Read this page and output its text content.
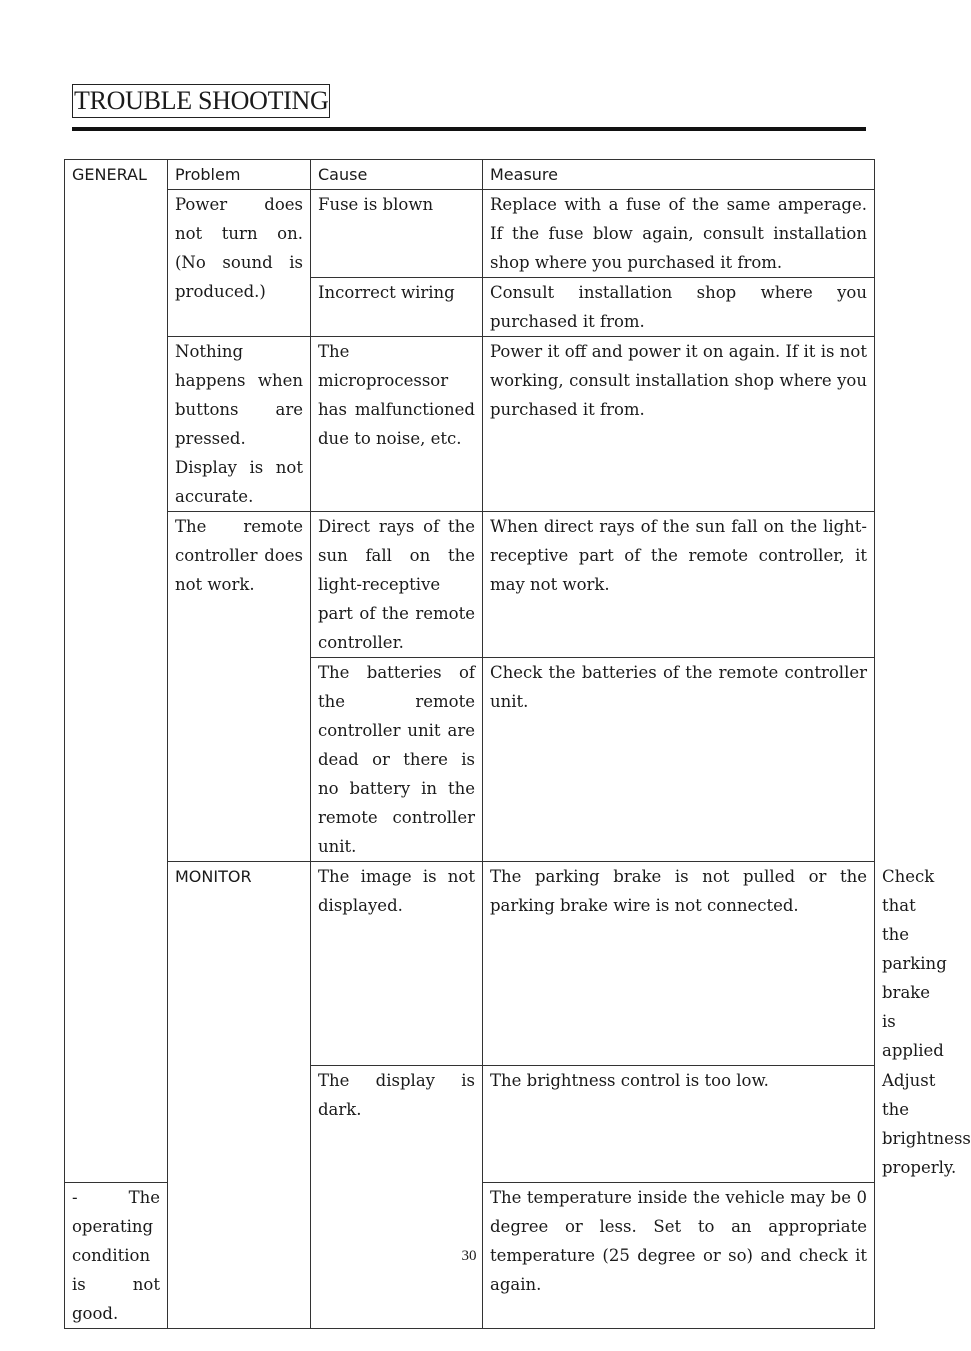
TROUBLE SHOOTING
GENERAL	Problem	Cause	Measure	
	Power does not turn on. (No sound is produced.)	Fuse is blown	Replace with a fuse of the same amperage. If the fuse blow again, consult installation shop where you purchased it from.	
		Incorrect wiring	Consult installation shop where you purchased it from.	
	Nothing happens when buttons are pressed. Display is not accurate.	The microprocessor has malfunctioned due to noise, etc.	Power it off and power it on again. If it is not working, consult installation shop where you purchased it from.	
	The remote controller does not work.	Direct rays of the sun fall on the light-receptive part of the remote controller.	When direct rays of the sun fall on the light-receptive part of the remote controller, it may not work.	
		The batteries of the remote controller unit are dead or there is no battery in the remote controller unit.	Check the batteries of the remote controller unit.	
	MONITOR	The image is not displayed.	The parking brake is not pulled or the parking brake wire is not connected.	Check that the parking brake is applied
		The display is dark.	The brightness control is too low.	Adjust the brightness properly.
- The operating condition is not good.			The temperature inside the vehicle may be 0 degree or less. Set to an appropriate temperature (25 degree or so) and check it again.	
30
